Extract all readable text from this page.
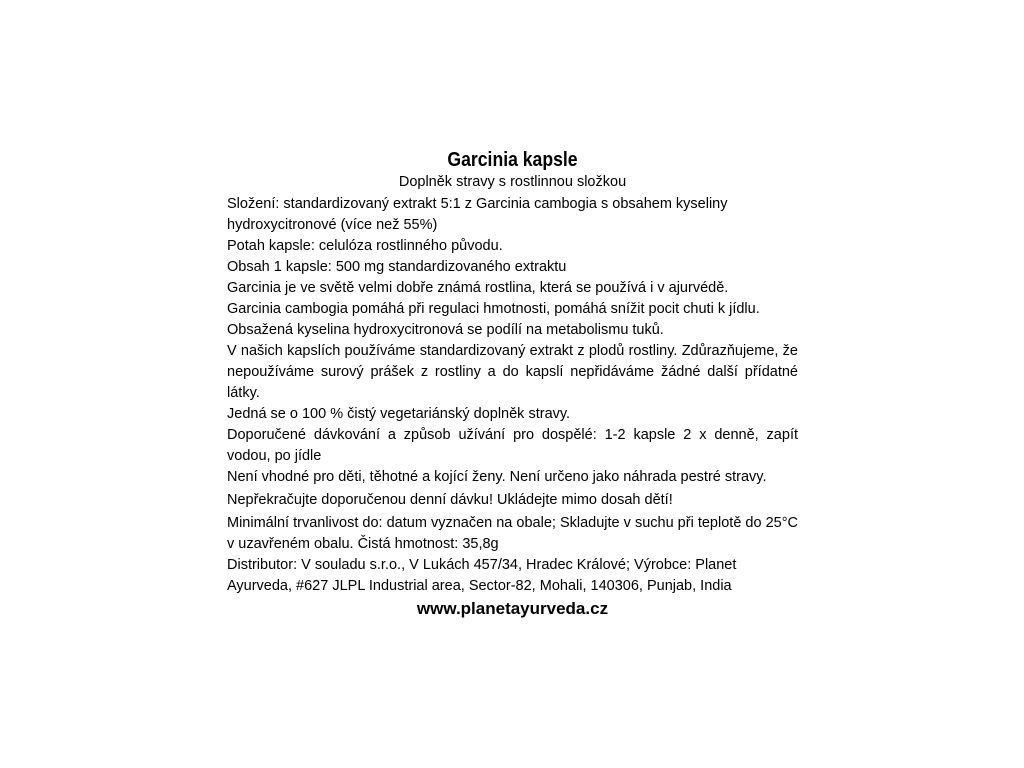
Garcinia kapsle

Doplněk stravy s rostlinnou složkou

Složení: standardizovaný extrakt 5:1 z Garcinia cambogia s obsahem kyseliny hydroxycitronové (více než 55%)

Potah kapsle: celulóza rostlinného původu.

Obsah 1 kapsle: 500 mg standardizovaného extraktu

Garcinia je ve světě velmi dobře známá rostlina, která se používá i v ajurvédě.

Garcinia cambogia pomáhá při regulaci hmotnosti, pomáhá snížit pocit chuti k jídlu.

Obsažená kyselina hydroxycitronová se podílí na metabolismu tuků.

V našich kapslích používáme standardizovaný extrakt z plodů rostliny. Zdůrazňujeme, že nepoužíváme surový prášek z rostliny a do kapslí nepřidáváme žádné další přídatné látky.

Jedná se o 100 % čistý vegetariánský doplněk stravy.

Doporučené dávkování a způsob užívání pro dospělé: 1-2 kapsle 2 x denně, zapít vodou, po jídle

Není vhodné pro děti, těhotné a kojící ženy. Není určeno jako náhrada pestré stravy.

Nepřekračujte doporučenou denní dávku! Ukládejte mimo dosah dětí!

Minimální trvanlivost do: datum vyznačen na obale; Skladujte v suchu při teplotě do 25°C v uzavřeném obalu. Čistá hmotnost: 35,8g

Distributor: V souladu s.r.o., V Lukách 457/34, Hradec Králové; Výrobce: Planet Ayurveda, #627 JLPL Industrial area, Sector-82, Mohali, 140306, Punjab, India

www.planetayurveda.cz
